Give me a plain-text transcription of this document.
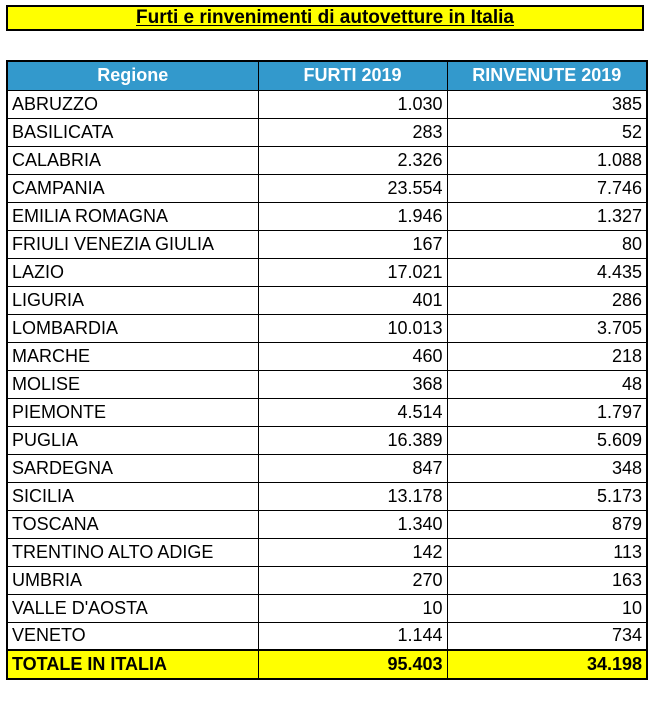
Furti e rinvenimenti di autovetture in Italia
Regione	FURTI 2019	RINVENUTE 2019
ABRUZZO	1.030	385
BASILICATA	283	52
CALABRIA	2.326	1.088
CAMPANIA	23.554	7.746
EMILIA ROMAGNA	1.946	1.327
FRIULI VENEZIA GIULIA	167	80
LAZIO	17.021	4.435
LIGURIA	401	286
LOMBARDIA	10.013	3.705
MARCHE	460	218
MOLISE	368	48
PIEMONTE	4.514	1.797
PUGLIA	16.389	5.609
SARDEGNA	847	348
SICILIA	13.178	5.173
TOSCANA	1.340	879
TRENTINO ALTO ADIGE	142	113
UMBRIA	270	163
VALLE D'AOSTA	10	10
VENETO	1.144	734
TOTALE IN ITALIA	95.403	34.198
